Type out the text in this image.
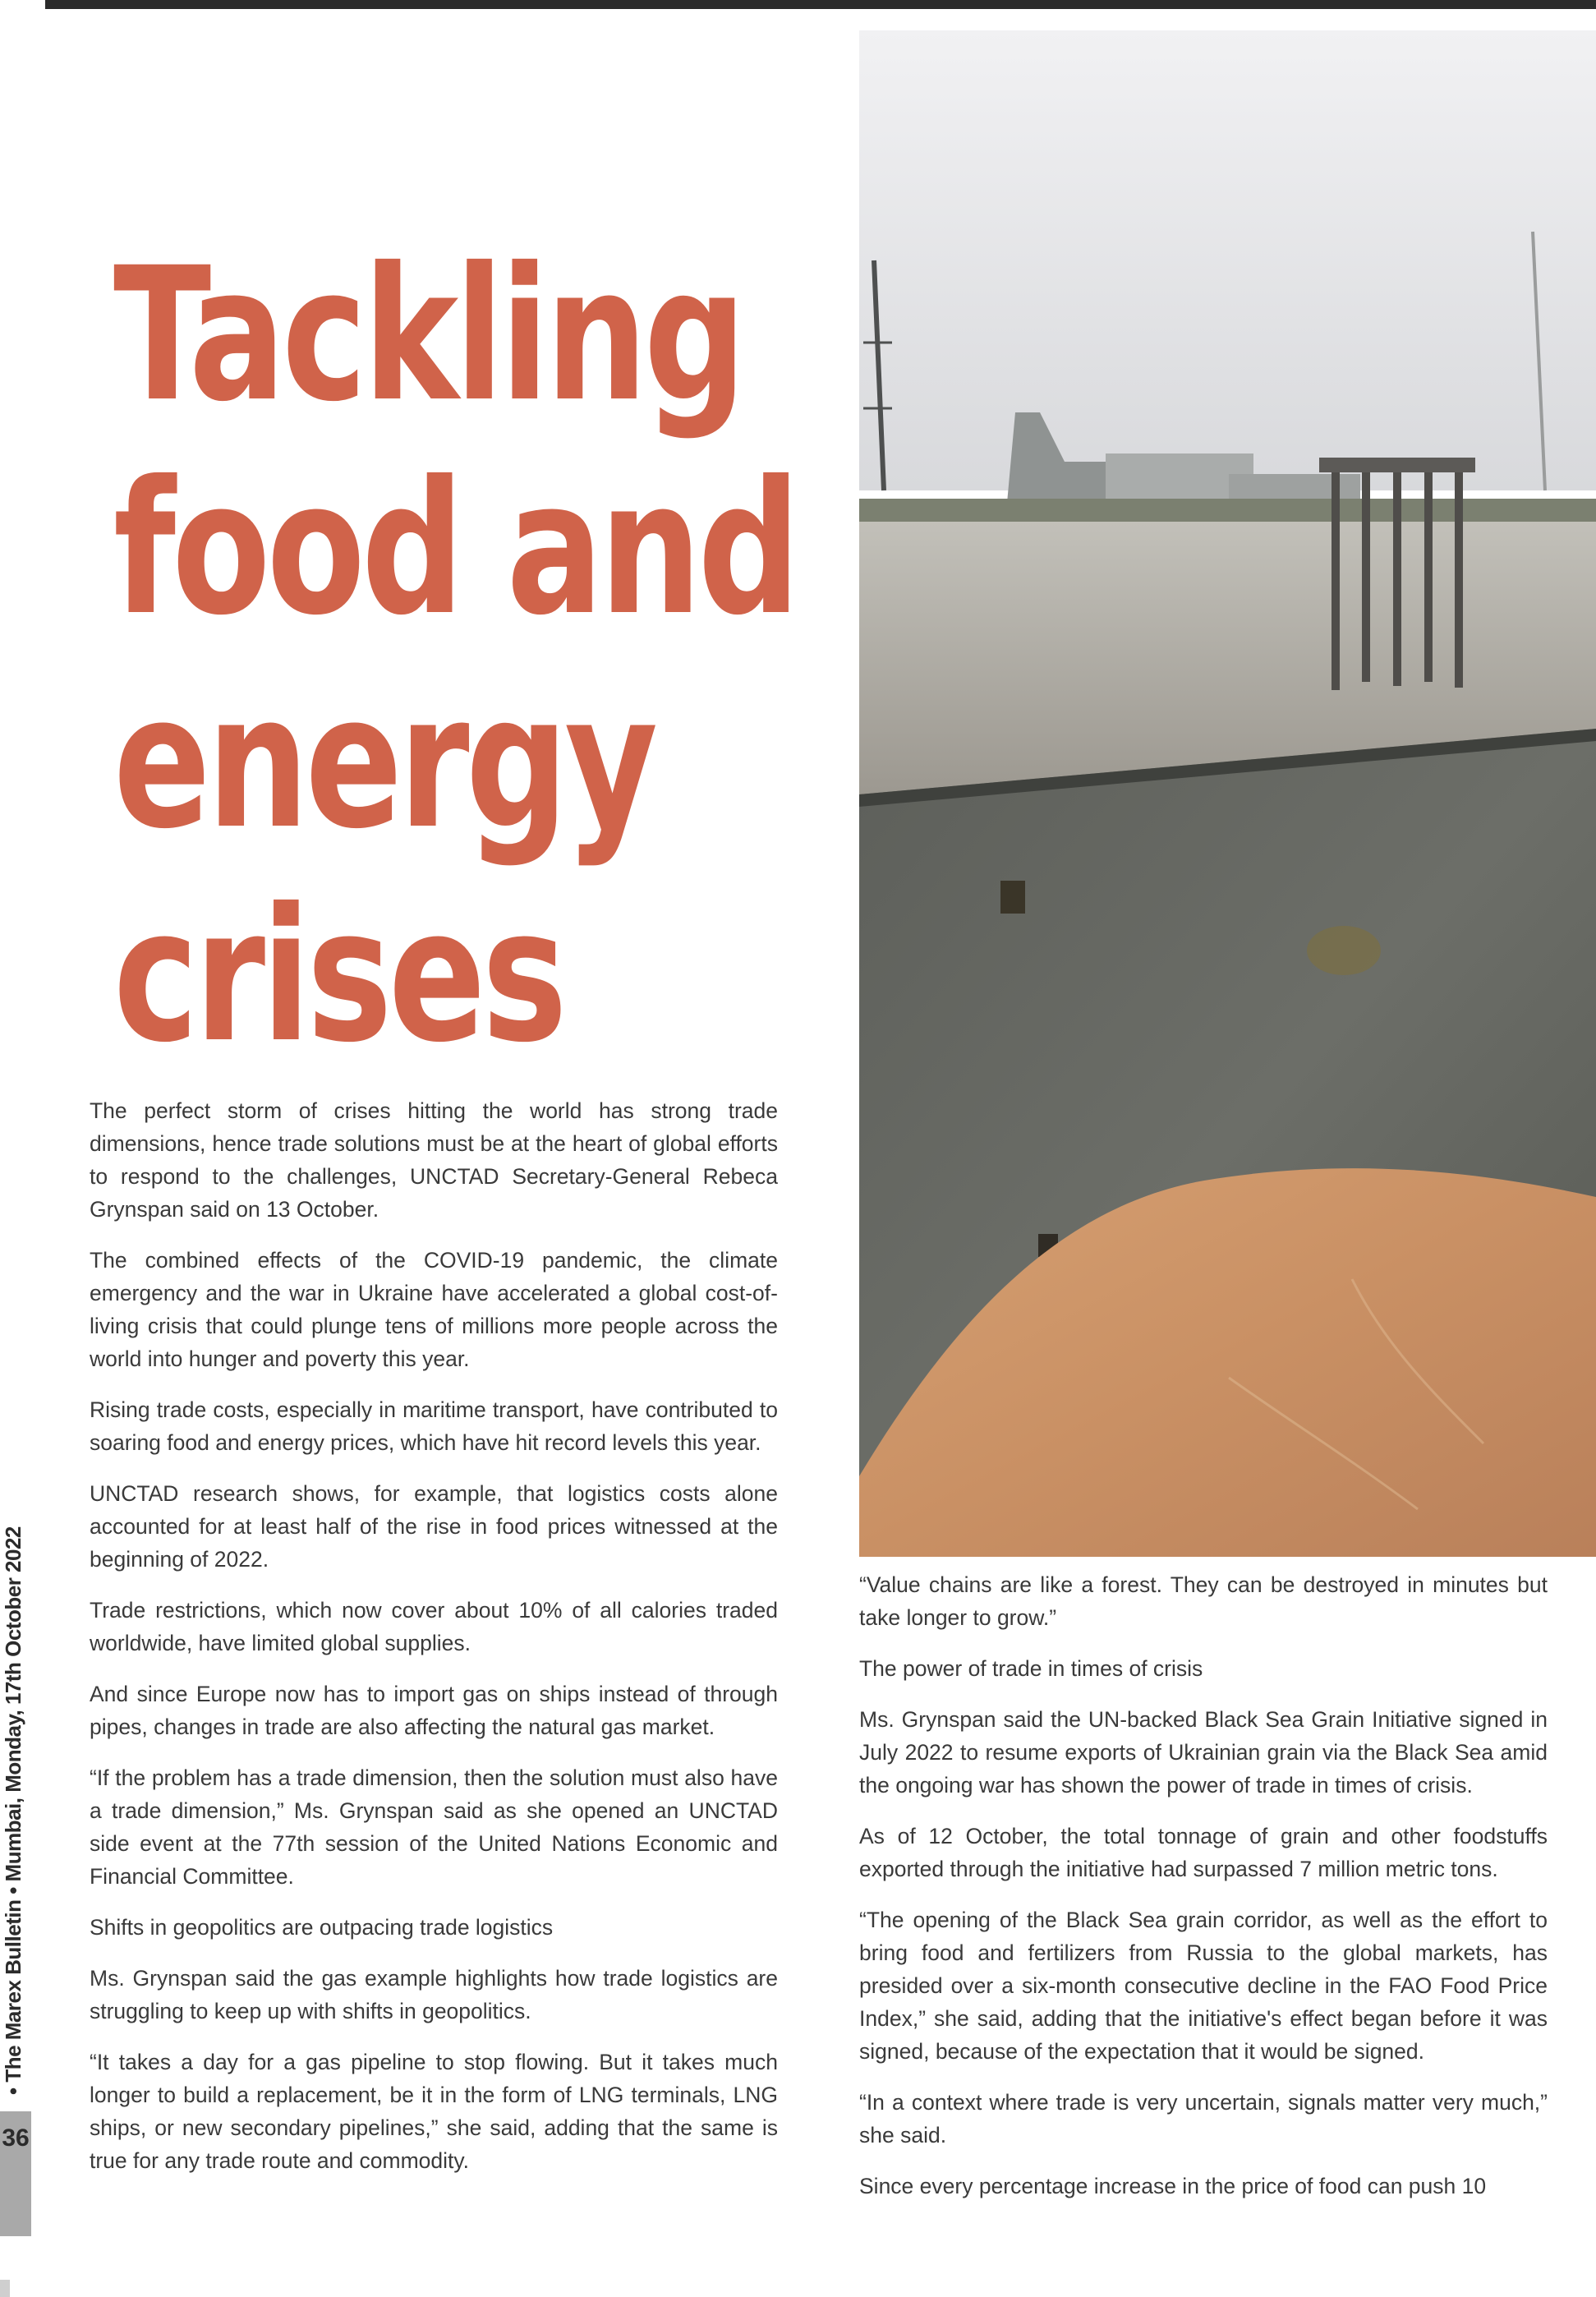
Tackling
food and
energy
crises

The perfect storm of crises hitting the world has strong trade dimensions, hence trade solutions must be at the heart of global efforts to respond to the challenges, UNCTAD Secretary-General Rebeca Grynspan said on 13 October.

The combined effects of the COVID-19 pandemic, the climate emergency and the war in Ukraine have accelerated a global cost-of-living crisis that could plunge tens of millions more people across the world into hunger and poverty this year.

Rising trade costs, especially in maritime transport, have contributed to soaring food and energy prices, which have hit record levels this year.

UNCTAD research shows, for example, that logistics costs alone accounted for at least half of the rise in food prices witnessed at the beginning of 2022.

Trade restrictions, which now cover about 10% of all calories traded worldwide, have limited global supplies.

And since Europe now has to import gas on ships instead of through pipes, changes in trade are also affecting the natural gas market.

“If the problem has a trade dimension, then the solution must also have a trade dimension,” Ms. Grynspan said as she opened an UNCTAD side event at the 77th session of the United Nations Economic and Financial Committee.

Shifts in geopolitics are outpacing trade logistics

Ms. Grynspan said the gas example highlights how trade logistics are struggling to keep up with shifts in geopolitics.

“It takes a day for a gas pipeline to stop flowing. But it takes much longer to build a replacement, be it in the form of LNG terminals, LNG ships, or new secondary pipelines,” she said, adding that the same is true for any trade route and commodity.

“Value chains are like a forest. They can be destroyed in minutes but take longer to grow.”

The power of trade in times of crisis

Ms. Grynspan said the UN-backed Black Sea Grain Initiative signed in July 2022 to resume exports of Ukrainian grain via the Black Sea amid the ongoing war has shown the power of trade in times of crisis.

As of 12 October, the total tonnage of grain and other foodstuffs exported through the initiative had surpassed 7 million metric tons.

“The opening of the Black Sea grain corridor, as well as the effort to bring food and fertilizers from Russia to the global markets, has presided over a six-month consecutive decline in the FAO Food Price Index,” she said, adding that the initiative's effect began before it was signed, because of the expectation that it would be signed.

“In a context where trade is very uncertain, signals matter very much,” she said.

Since every percentage increase in the price of food can push 10

• The Marex Bulletin • Mumbai, Monday, 17th October 2022
36
